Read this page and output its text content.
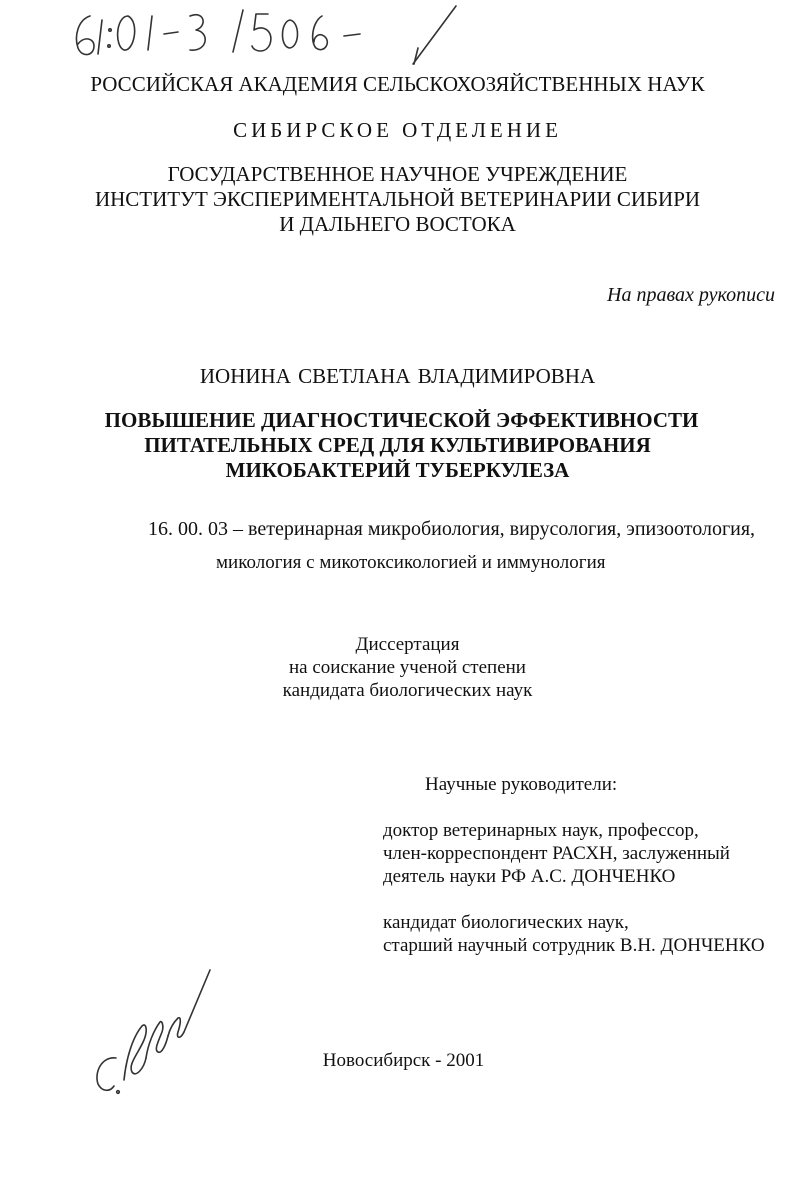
РОССИЙСКАЯ АКАДЕМИЯ СЕЛЬСКОХОЗЯЙСТВЕННЫХ НАУК
СИБИРСКОЕ ОТДЕЛЕНИЕ
ГОСУДАРСТВЕННОЕ НАУЧНОЕ УЧРЕЖДЕНИЕ
ИНСТИТУТ ЭКСПЕРИМЕНТАЛЬНОЙ ВЕТЕРИНАРИИ СИБИРИ
И ДАЛЬНЕГО ВОСТОКА
На правах рукописи
ИОНИНА СВЕТЛАНА ВЛАДИМИРОВНА
ПОВЫШЕНИЕ ДИАГНОСТИЧЕСКОЙ ЭФФЕКТИВНОСТИ
ПИТАТЕЛЬНЫХ СРЕД ДЛЯ КУЛЬТИВИРОВАНИЯ
МИКОБАКТЕРИЙ ТУБЕРКУЛЕЗА
16. 00. 03 – ветеринарная микробиология, вирусология, эпизоотология,
микология с микотоксикологией и иммунология
Диссертация
на соискание ученой степени
кандидата биологических наук
Научные руководители:
доктор ветеринарных наук, профессор,
член-корреспондент РАСХН, заслуженный
деятель науки РФ А.С. ДОНЧЕНКО
кандидат биологических наук,
старший научный сотрудник В.Н. ДОНЧЕНКО
Новосибирск - 2001
